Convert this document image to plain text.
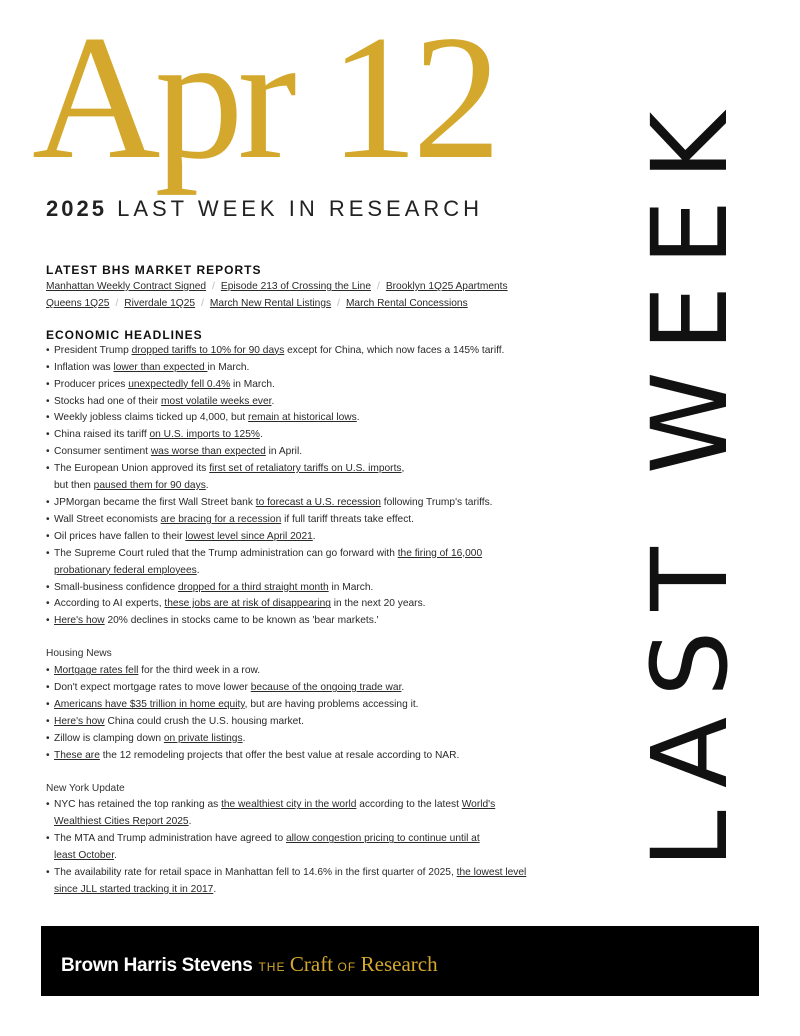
Apr 12
2025 LAST WEEK IN RESEARCH LAST WEEK
LATEST BHS MARKET REPORTS
Manhattan Weekly Contract Signed / Episode 213 of Crossing the Line / Brooklyn 1Q25 Apartments
Queens 1Q25 / Riverdale 1Q25 / March New Rental Listings / March Rental Concessions
ECONOMIC HEADLINES
• President Trump dropped tariffs to 10% for 90 days except for China, which now faces a 145% tariff.
• Inflation was lower than expected in March.
• Producer prices unexpectedly fell 0.4% in March.
• Stocks had one of their most volatile weeks ever.
• Weekly jobless claims ticked up 4,000, but remain at historical lows.
• China raised its tariff on U.S. imports to 125%.
• Consumer sentiment was worse than expected in April.
• The European Union approved its first set of retaliatory tariffs on U.S. imports,
but then paused them for 90 days.
• JPMorgan became the first Wall Street bank to forecast a U.S. recession following Trump's tariffs.
• Wall Street economists are bracing for a recession if full tariff threats take effect.
• Oil prices have fallen to their lowest level since April 2021.
• The Supreme Court ruled that the Trump administration can go forward with the firing of 16,000
probationary federal employees.
• Small-business confidence dropped for a third straight month in March.
• According to AI experts, these jobs are at risk of disappearing in the next 20 years.
• Here's how 20% declines in stocks came to be known as 'bear markets.'
Housing News
• Mortgage rates fell for the third week in a row.
• Don't expect mortgage rates to move lower because of the ongoing trade war.
• Americans have $35 trillion in home equity, but are having problems accessing it.
• Here's how China could crush the U.S. housing market.
• Zillow is clamping down on private listings.
• These are the 12 remodeling projects that offer the best value at resale according to NAR.
New York Update
• NYC has retained the top ranking as the wealthiest city in the world according to the latest World's
Wealthiest Cities Report 2025.
• The MTA and Trump administration have agreed to allow congestion pricing to continue until at
least October.
• The availability rate for retail space in Manhattan fell to 14.6% in the first quarter of 2025, the lowest level
since JLL started tracking it in 2017.
Brown Harris Stevens THE Craft OF Research
